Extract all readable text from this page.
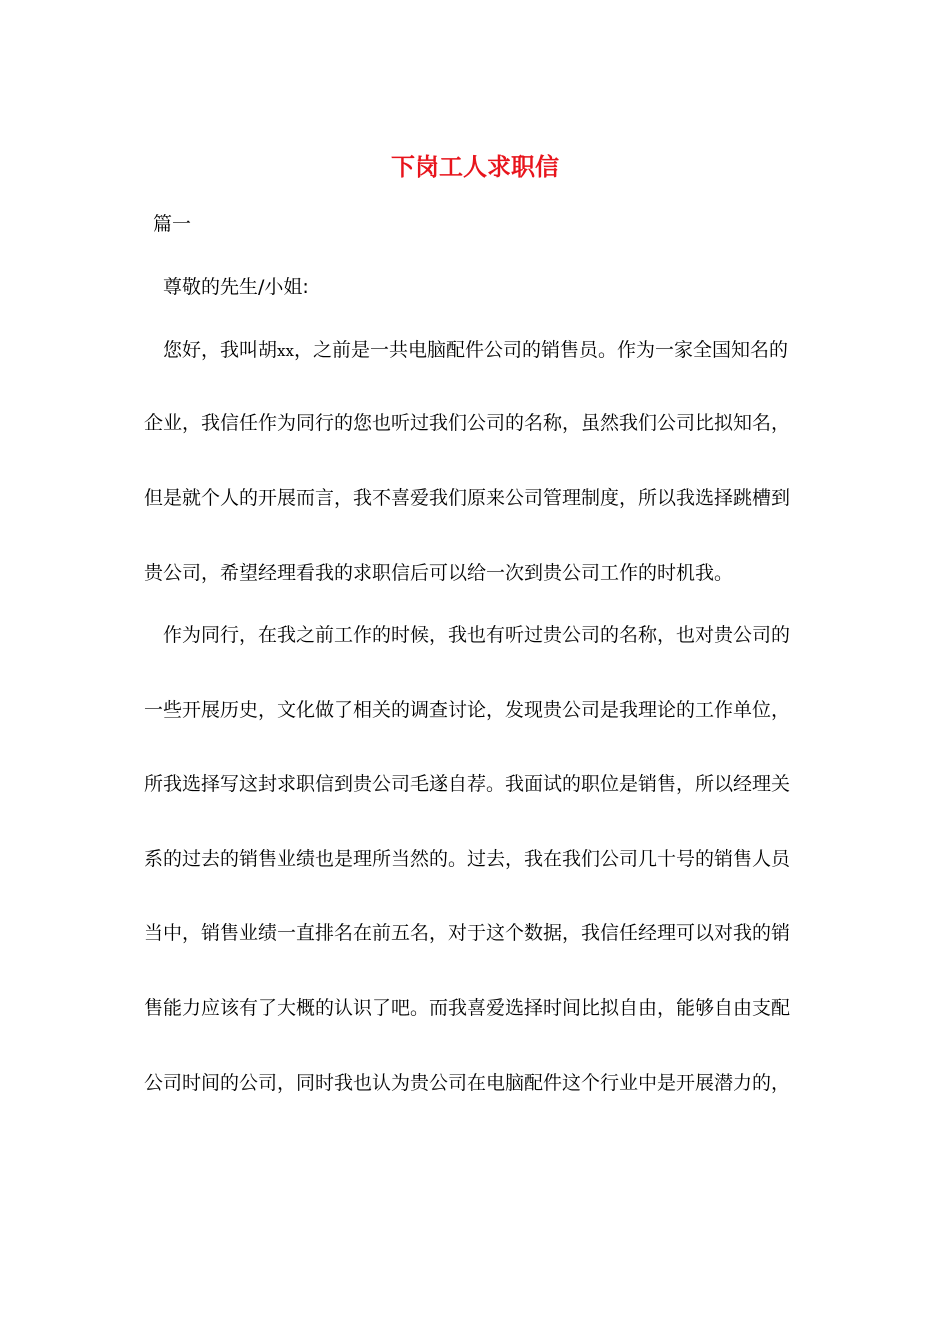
下岗工人求职信
篇一
尊敬的先生/小姐:
您好，我叫胡xx，之前是一共电脑配件公司的销售员。作为一家全国知名的
企业，我信任作为同行的您也听过我们公司的名称，虽然我们公司比拟知名，
但是就个人的开展而言，我不喜爱我们原来公司管理制度，所以我选择跳槽到
贵公司，希望经理看我的求职信后可以给一次到贵公司工作的时机我。
作为同行，在我之前工作的时候，我也有听过贵公司的名称，也对贵公司的
一些开展历史，文化做了相关的调查讨论，发现贵公司是我理论的工作单位，
所我选择写这封求职信到贵公司毛遂自荐。我面试的职位是销售，所以经理关
系的过去的销售业绩也是理所当然的。过去，我在我们公司几十号的销售人员
当中，销售业绩一直排名在前五名，对于这个数据，我信任经理可以对我的销
售能力应该有了大概的认识了吧。而我喜爱选择时间比拟自由，能够自由支配
公司时间的公司，同时我也认为贵公司在电脑配件这个行业中是开展潜力的，
